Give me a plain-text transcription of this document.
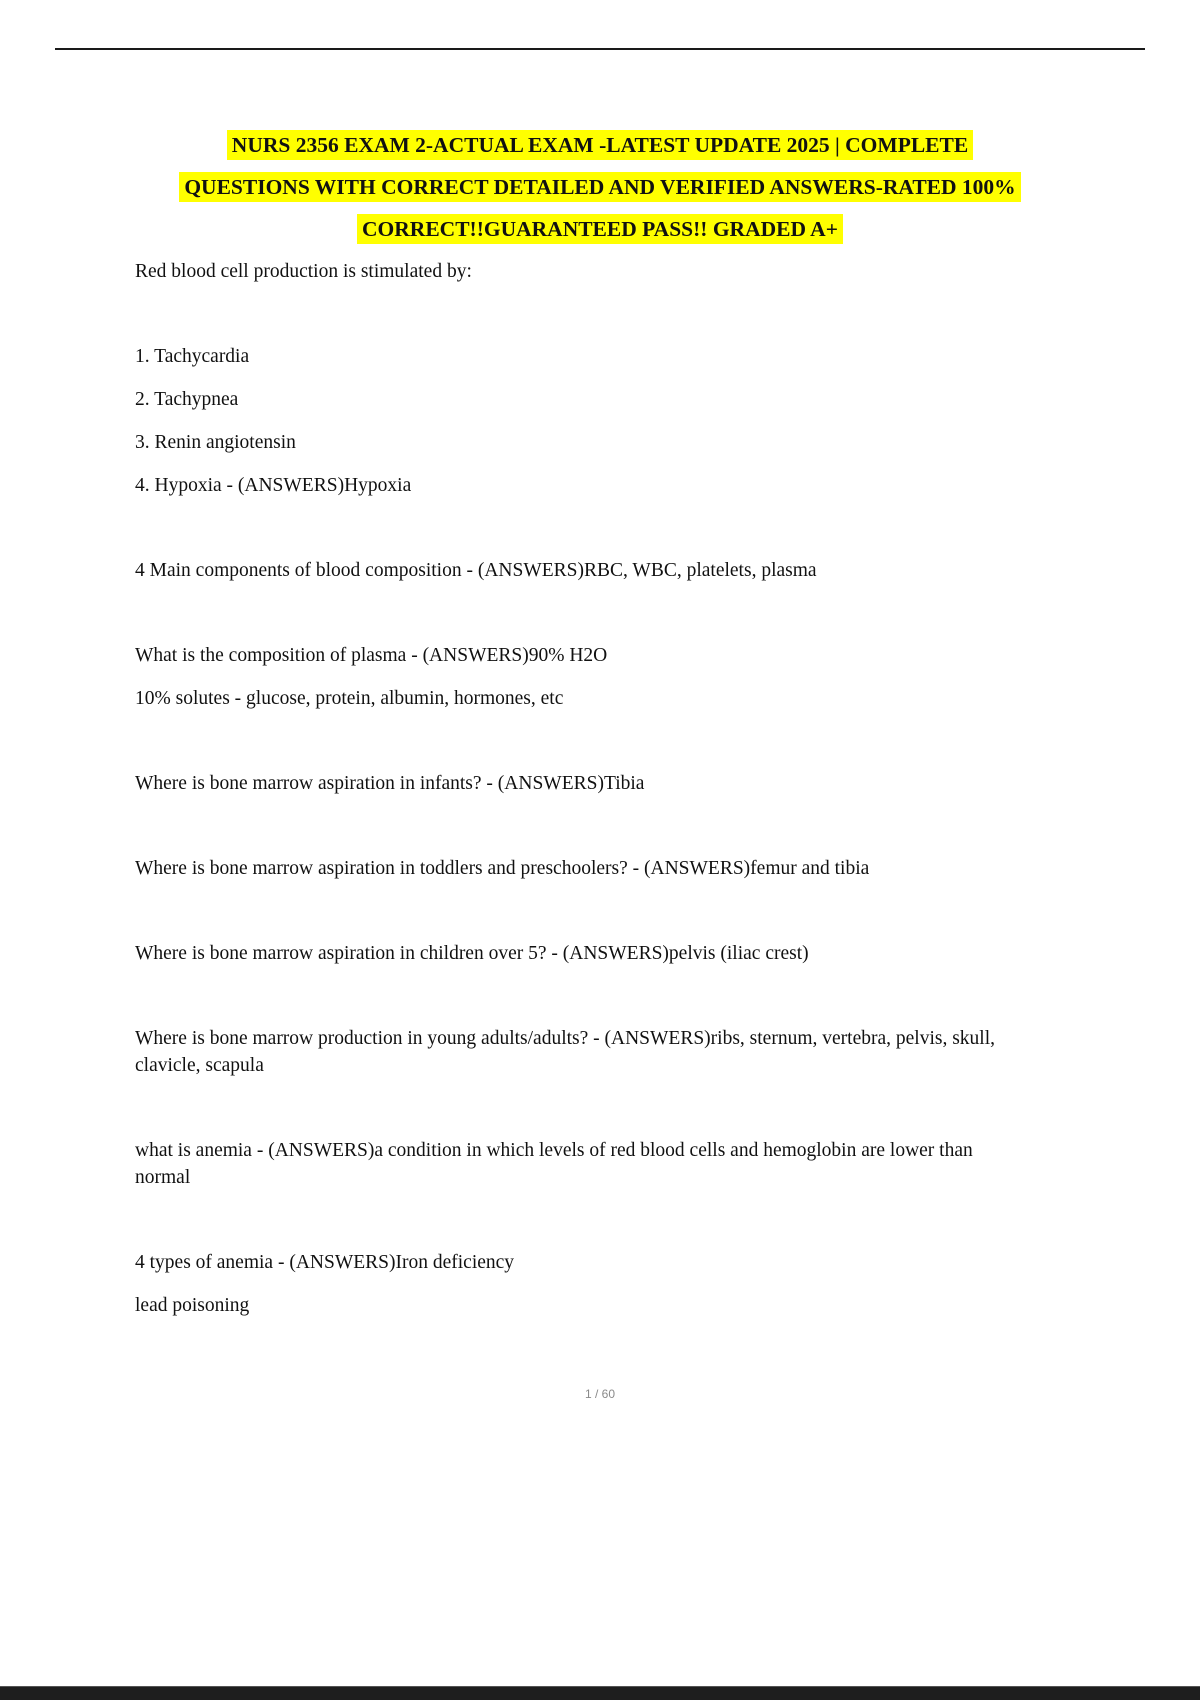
NURS 2356 EXAM 2-ACTUAL EXAM -LATEST UPDATE 2025 | COMPLETE
QUESTIONS WITH CORRECT DETAILED AND VERIFIED ANSWERS-RATED 100%
CORRECT!!GUARANTEED PASS!! GRADED A+

Red blood cell production is stimulated by:

1. Tachycardia

2. Tachypnea

3. Renin angiotensin

4. Hypoxia - (ANSWERS)Hypoxia

4 Main components of blood composition - (ANSWERS)RBC, WBC, platelets, plasma

What is the composition of plasma - (ANSWERS)90% H2O

10% solutes - glucose, protein, albumin, hormones, etc

Where is bone marrow aspiration in infants? - (ANSWERS)Tibia

Where is bone marrow aspiration in toddlers and preschoolers? - (ANSWERS)femur and tibia

Where is bone marrow aspiration in children over 5? - (ANSWERS)pelvis (iliac crest)

Where is bone marrow production in young adults/adults? - (ANSWERS)ribs, sternum, vertebra, pelvis, skull, clavicle, scapula

what is anemia - (ANSWERS)a condition in which levels of red blood cells and hemoglobin are lower than normal

4 types of anemia - (ANSWERS)Iron deficiency

lead poisoning

1 / 60
